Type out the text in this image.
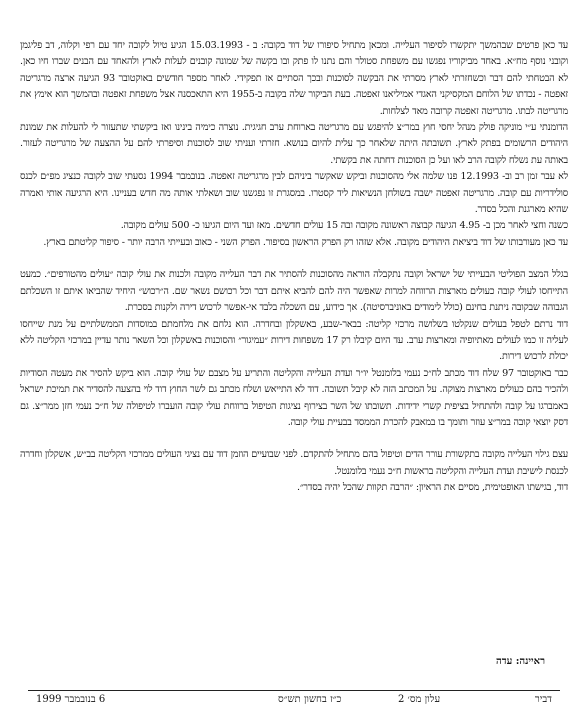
עד כאן פרטים שבהמשך יתקשרו לסיפור העלייה. ומכאן מתחיל סיפורו של דוד בקובה: ב - 15.03.1993 הגיע טיול לקובה יחד עם רפי וקלוה, דב פליגמן וקובני נוסף מח״א. באחד מביקוריו נפגשו עם משפחת סטולר והם נתנו לו פתק ובו בקשה של שמונה קובנים לעלות לארץ ולהאחד עם הבנים שברו חיו כאן. לא הבטחתי להם דבר וכשחזרתי לארץ מסרתי את הבקשה לסוכנות ובכך הסתיים אז תפקידי. לאחר מספר חודשים באוקטובר 93 הגיעה ארצה מרגריטה זאפטה - נכדתו של הלוחם המקסיקני האגדי אמיליאנו זאפטה. בעת הביקור שלה בקובה ב-1955 היא התאכסנה אצל משפחת זאפטה ובהמשך הוא אימץ את מרגריטה לבתו. מרגריטה זאפטה קרובה מאד לצלחות.

הדומנתי ע״י מוניקה פולק מנהל יחסי חוץ במר״צ להיפגש עם מרגריטה בארוחת ערב חגיגית. נוצרה כימיה בינינו ואז ביקשתי שתעזור לי להעלות את שמונת היהודים הרשומים בפתק לארץ. תשובתה היתה שלאחר כך עלית להיום בנושא. חזרתי ועניתי שוב לסוכנות וסיפרתי להם על ההצעה של מרגריטה לעזור. באותה עת נשלח לקובה הרב לאו ועל כן הסוכנות דחתה את בקשתי.

לא עבר זמן רב וב- 12.1993 פנו שלמה אלי מהסוכנות וביקש שאקשר ביניהם לבין מרגריטה זאפטה. בנובמבר 1994 נסעתי שוב לקובה כנציג מפ״ם לכנס סולידריות עם קובה. מרגריטה זאפטה ישבה בשולחן הנשיאות ליד קסטרו. במסגרת זו נפגשנו שוב ושאלתי אותה מה חדש בעניינו. היא הרגיעה אותי ואמרה שהיא מארגנת והכל בסדר.

כשנה וחצי לאחר מכן ב- 4.95 הגיעה קבוצה ראשונה מקובה ובה 15 עולים חדשים. מאז ועד היום הגיעו כ- 500 עולים מקובה.

עד כאן מעורבותו של דוד ביציאת היהודים מקובה. אלא שזהו רק הפרק הראשון בסיפור. הפרק השני - כאוב ובעייתי הרבה יותר - סיפור קליטתם בארץ.

בגלל המצב הפוליטי הבעייתי של ישראל וקובה נתקבלה הוראה מהסוכנות להסתיר את דבר העלייה מקובה ולכנות את עולי קובה ״עולים מהטורפים״. כמעט התייחסו לעולי קובה כעולים מארצות הרווחה למרות שאפשר היה להם להביא איתם דבר וכל רכושם נשאר שם. ה״רכוש״ היחיד שהביאו איתם זו השכלתם הגבוהה שבקובה ניתנת בחינם (כולל לימודים באוניברסיטה). אך כידוע, עם השכלה בלבד אי-אפשר לרכוש דירה ולקנות בסכרת.

דוד נרתם לטפל בעולים שנקלטו בשלושה מרכזי קליטה: בבאר-שבע, באשקלון ובחדרה. הוא נלחם את מלחמתם במוסדות הממשלתיים על מנת שייחסו לעליה זו כמו לעולים מאתיופיה ומארצות ערב. עד היום קיבלו רק 17 משפחות דירות ״עמיגור״ והסוכנות באשקלון וכל השאר נותר עדיין במרכזי הקליטה ללא יכולת לרכוש דירות.

כבר באוקטובר 97 שלח דוד מכתב לח״כ נעמי בלומנטל יו״ר ועדת העלייה והקליטה והתריע על מצבם של עולי קובה. הוא ביקש להסיר את מעטה הסודיות ולהכיר בהם כעולים מארצות מצוקה. על המכתב הזה לא קיבל תשובה. דוד לא התייאש ושלח מכתב גם לשר החוץ דוד לוי בהצעה להסדיר את תמיכת ישראל באמברגו על קובה ולהתחיל בציפית קשרי ידידות. תשובתו של השר בצירוף נציגות הטיפול ברווחת עולי קובה הועברו לטיפולה של ח״כ נעמי חזן ממר״צ. גם דסק יוצאי קובה במר״צ עוזר ותומך בו במאבק להכרת הממסד בבעיית עולי קובה.

עצם גילוי העלייה מקובה בתקשורת עורר הדים וטיפול בהם מתחיל להתקדם. לפני שבועיים הוזמן דוד עם נציגי העולים ממרכזי הקליטה בב״ש, אשקלון וחדרה לכנסת לישיבת ועדת העלייה והקליטה בראשות ח״כ נעמי בלומנטל.

דוד, בגישתו האופטימית, מסיים את הראיון: ״הרבה תקוות שהכל יהיה בסדר״.

ראיינה: עדה
דביר
עלון מס׳ 2
כ״ז בחשון תש״ס
6 בנובמבר 1999
